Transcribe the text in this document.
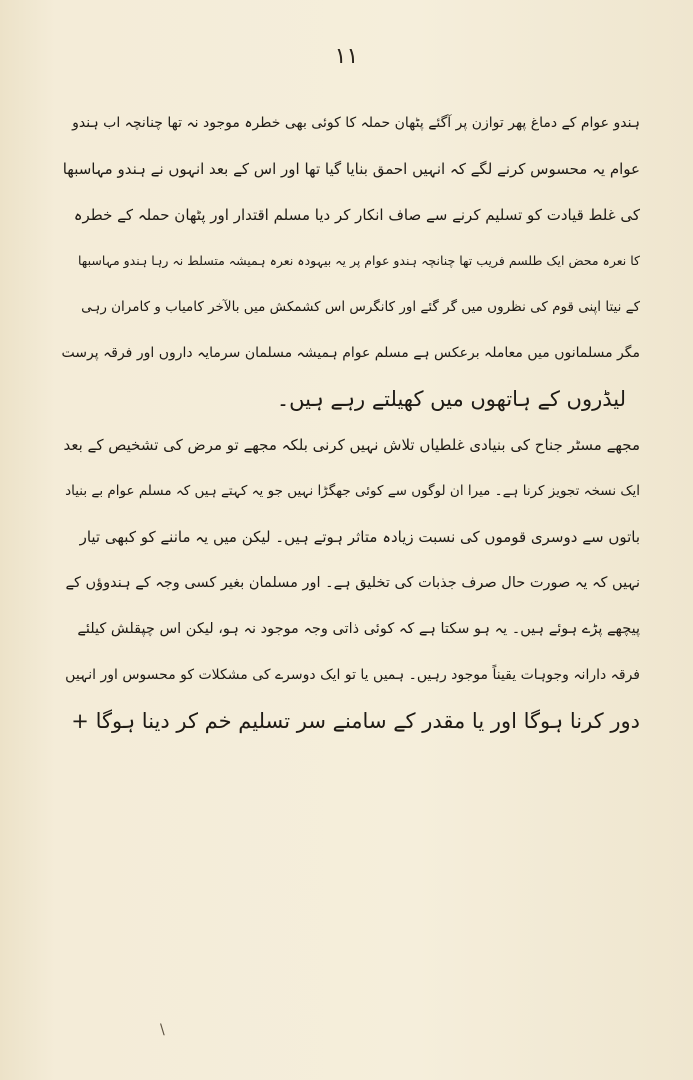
۱۱
ہندو عوام کے دماغ پھر توازن پر آگئے پٹھان حملہ کا کوئی بھی خطرہ موجود نہ تھا چنانچہ اب ہندو
عوام یہ محسوس کرنے لگے کہ انہیں احمق بنایا گیا تھا اور اس کے بعد انہوں نے ہندو مہاسبھا
کی غلط قیادت کو تسلیم کرنے سے صاف انکار کر دیا مسلم اقتدار اور پٹھان حملہ کے خطرہ
کا نعرہ محض ایک طلسم فریب تھا چنانچہ ہندو عوام پر یہ بیہودہ نعرہ ہمیشہ متسلط نہ رہا ہندو مہاسبھا
کے نیتا اپنی قوم کی نظروں میں گر گئے اور کانگرس اس کشمکش میں بالآخر کامیاب و کامران رہی
مگر مسلمانوں میں معاملہ برعکس ہے مسلم عوام ہمیشہ مسلمان سرمایہ داروں اور فرقہ پرست
لیڈروں کے ہاتھوں میں کھیلتے رہے ہیں۔
مجھے مسٹر جناح کی بنیادی غلطیاں تلاش نہیں کرنی بلکہ مجھے تو مرض کی تشخیص کے بعد
ایک نسخہ تجویز کرنا ہے۔ میرا ان لوگوں سے کوئی جھگڑا نہیں جو یہ کہتے ہیں کہ مسلم عوام بے بنیاد
باتوں سے دوسری قوموں کی نسبت زیادہ متاثر ہوتے ہیں۔ لیکن میں یہ ماننے کو کبھی تیار
نہیں کہ یہ صورت حال صرف جذبات کی تخلیق ہے۔ اور مسلمان بغیر کسی وجہ کے ہندوؤں کے
پیچھے پڑے ہوئے ہیں۔ یہ ہو سکتا ہے کہ کوئی ذاتی وجہ موجود نہ ہو، لیکن اس چپقلش کیلئے
فرقہ دارانہ وجوہات یقیناً موجود رہیں۔ ہمیں یا تو ایک دوسرے کی مشکلات کو محسوس اور انہیں
دور کرنا ہوگا اور یا مقدر کے سامنے سر تسلیم خم کر دینا ہوگا +
\
